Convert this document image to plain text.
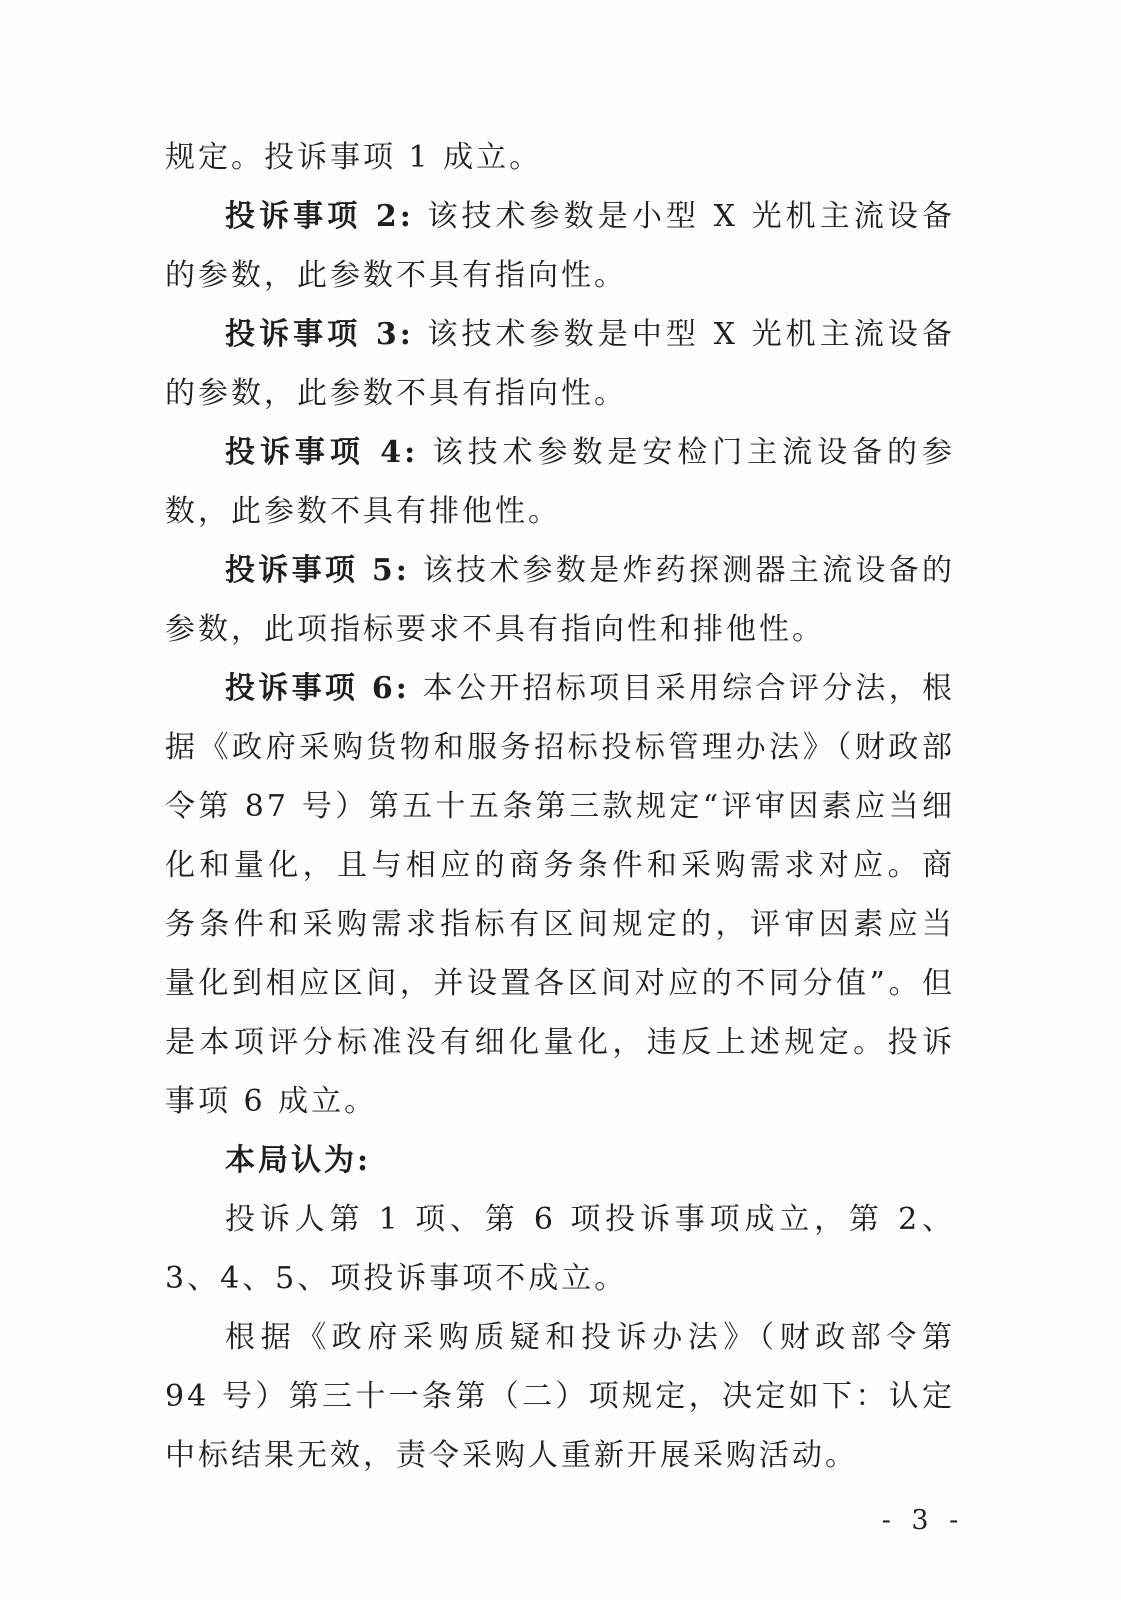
规定。投诉事项 1 成立。

投诉事项 2: 该技术参数是小型 X 光机主流设备的参数，此参数不具有指向性。

投诉事项 3: 该技术参数是中型 X 光机主流设备的参数，此参数不具有指向性。

投诉事项 4: 该技术参数是安检门主流设备的参数，此参数不具有排他性。

投诉事项 5: 该技术参数是炸药探测器主流设备的参数，此项指标要求不具有指向性和排他性。

投诉事项 6: 本公开招标项目采用综合评分法，根据《政府采购货物和服务招标投标管理办法》（财政部令第 87 号）第五十五条第三款规定“评审因素应当细化和量化，且与相应的商务条件和采购需求对应。商务条件和采购需求指标有区间规定的，评审因素应当量化到相应区间，并设置各区间对应的不同分值”。但是本项评分标准没有细化量化，违反上述规定。投诉事项 6 成立。

本局认为:

投诉人第 1 项、第 6 项投诉事项成立，第 2、3、4、5、项投诉事项不成立。

根据《政府采购质疑和投诉办法》（财政部令第 94 号）第三十一条第（二）项规定，决定如下：认定中标结果无效，责令采购人重新开展采购活动。

- 3 -
